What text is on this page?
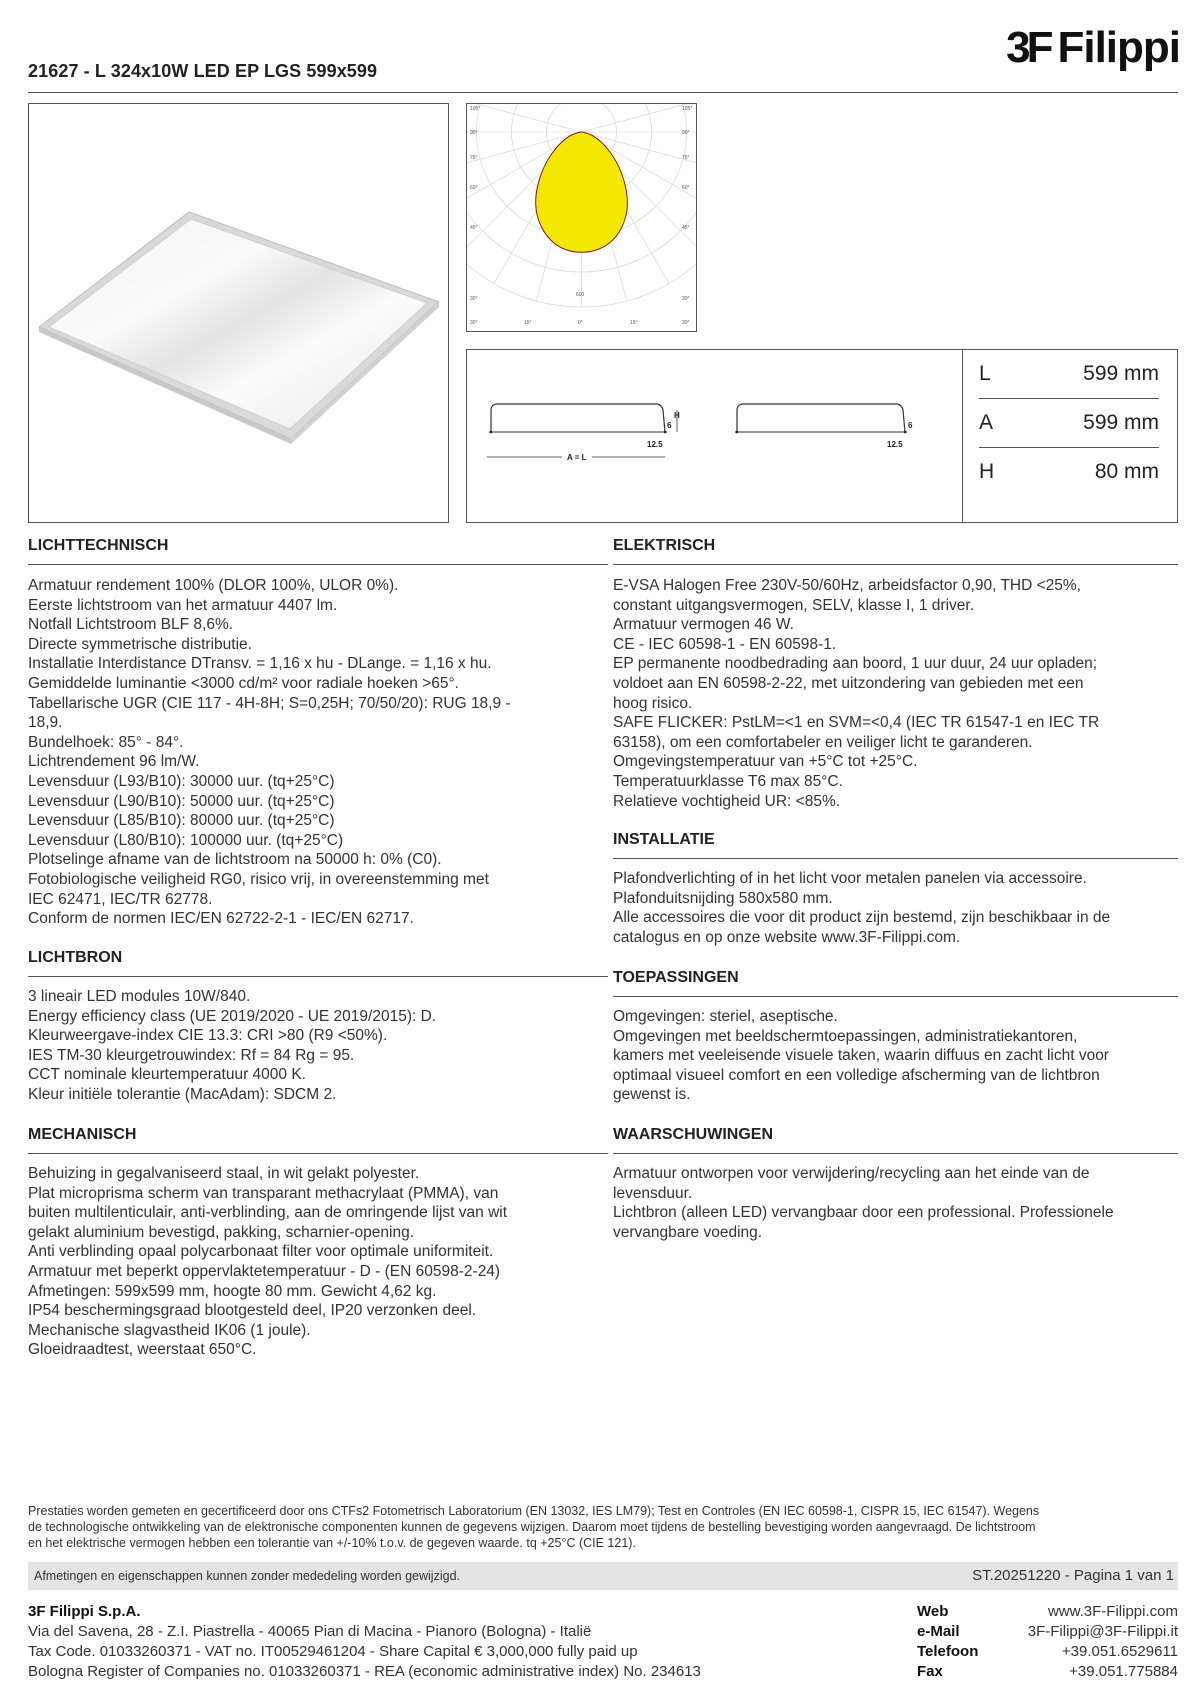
21627 - L 324x10W LED EP LGS 599x599	3F Filippi
105°
90°
75°
60°
45°
30°
105°
90°
75°
60°
45°
30°
30°	15°	0°	15°	30°
600
H
6
12.5
A = L
6
12.5
L	599 mm
A	599 mm
H	80 mm
LICHTTECHNISCH
Armatuur rendement 100% (DLOR 100%, ULOR 0%).
Eerste lichtstroom van het armatuur 4407 lm.
Notfall Lichtstroom BLF 8,6%.
Directe symmetrische distributie.
Installatie Interdistance DTransv. = 1,16 x hu - DLange. = 1,16 x hu.
Gemiddelde luminantie <3000 cd/m² voor radiale hoeken >65°.
Tabellarische UGR (CIE 117 - 4H-8H; S=0,25H; 70/50/20): RUG 18,9 -
18,9.
Bundelhoek: 85° - 84°.
Lichtrendement 96 lm/W.
Levensduur (L93/B10): 30000 uur. (tq+25°C)
Levensduur (L90/B10): 50000 uur. (tq+25°C)
Levensduur (L85/B10): 80000 uur. (tq+25°C)
Levensduur (L80/B10): 100000 uur. (tq+25°C)
Plotselinge afname van de lichtstroom na 50000 h: 0% (C0).
Fotobiologische veiligheid RG0, risico vrij, in overeenstemming met
IEC 62471, IEC/TR 62778.
Conform de normen IEC/EN 62722-2-1 - IEC/EN 62717.
LICHTBRON
3 lineair LED modules 10W/840.
Energy efficiency class (UE 2019/2020 - UE 2019/2015): D.
Kleurweergave-index CIE 13.3: CRI >80 (R9 <50%).
IES TM-30 kleurgetrouwindex: Rf = 84 Rg = 95.
CCT nominale kleurtemperatuur 4000 K.
Kleur initiële tolerantie (MacAdam): SDCM 2.
MECHANISCH
Behuizing in gegalvaniseerd staal, in wit gelakt polyester.
Plat microprisma scherm van transparant methacrylaat (PMMA), van
buiten multilenticulair, anti-verblinding, aan de omringende lijst van wit
gelakt aluminium bevestigd, pakking, scharnier-opening.
Anti verblinding opaal polycarbonaat filter voor optimale uniformiteit.
Armatuur met beperkt oppervlaktetemperatuur - D - (EN 60598-2-24)
Afmetingen: 599x599 mm, hoogte 80 mm. Gewicht 4,62 kg.
IP54 beschermingsgraad blootgesteld deel, IP20 verzonken deel.
Mechanische slagvastheid IK06 (1 joule).
Gloeidraadtest, weerstaat 650°C.
ELEKTRISCH
E-VSA Halogen Free 230V-50/60Hz, arbeidsfactor 0,90, THD <25%,
constant uitgangsvermogen, SELV, klasse I, 1 driver.
Armatuur vermogen 46 W.
CE - IEC 60598-1 - EN 60598-1.
EP permanente noodbedrading aan boord, 1 uur duur, 24 uur opladen;
voldoet aan EN 60598-2-22, met uitzondering van gebieden met een
hoog risico.
SAFE FLICKER: PstLM=<1 en SVM=<0,4 (IEC TR 61547-1 en IEC TR
63158), om een comfortabeler en veiliger licht te garanderen.
Omgevingstemperatuur van +5°C tot +25°C.
Temperatuurklasse T6 max 85°C.
Relatieve vochtigheid UR: <85%.
INSTALLATIE
Plafondverlichting of in het licht voor metalen panelen via accessoire.
Plafonduitsnijding 580x580 mm.
Alle accessoires die voor dit product zijn bestemd, zijn beschikbaar in de
catalogus en op onze website www.3F-Filippi.com.
TOEPASSINGEN
Omgevingen: steriel, aseptische.
Omgevingen met beeldschermtoepassingen, administratiekantoren,
kamers met veeleisende visuele taken, waarin diffuus en zacht licht voor
optimaal visueel comfort en een volledige afscherming van de lichtbron
gewenst is.
WAARSCHUWINGEN
Armatuur ontworpen voor verwijdering/recycling aan het einde van de
levensduur.
Lichtbron (alleen LED) vervangbaar door een professional. Professionele
vervangbare voeding.
Prestaties worden gemeten en gecertificeerd door ons CTFs2 Fotometrisch Laboratorium (EN 13032, IES LM79); Test en Controles (EN IEC 60598-1, CISPR 15, IEC 61547). Wegens
de technologische ontwikkeling van de elektronische componenten kunnen de gegevens wijzigen. Daarom moet tijdens de bestelling bevestiging worden aangevraagd. De lichtstroom
en het elektrische vermogen hebben een tolerantie van +/-10% t.o.v. de gegeven waarde. tq +25°C (CIE 121).
Afmetingen en eigenschappen kunnen zonder mededeling worden gewijzigd.	ST.20251220 - Pagina 1 van 1
3F Filippi S.p.A.
Via del Savena, 28 - Z.I. Piastrella - 40065 Pian di Macina - Pianoro (Bologna) - Italië
Tax Code. 01033260371 - VAT no. IT00529461204 - Share Capital € 3,000,000 fully paid up
Bologna Register of Companies no. 01033260371 - REA (economic administrative index) No. 234613
Web	www.3F-Filippi.com
e-Mail	3F-Filippi@3F-Filippi.it
Telefoon	+39.051.6529611
Fax	+39.051.775884
